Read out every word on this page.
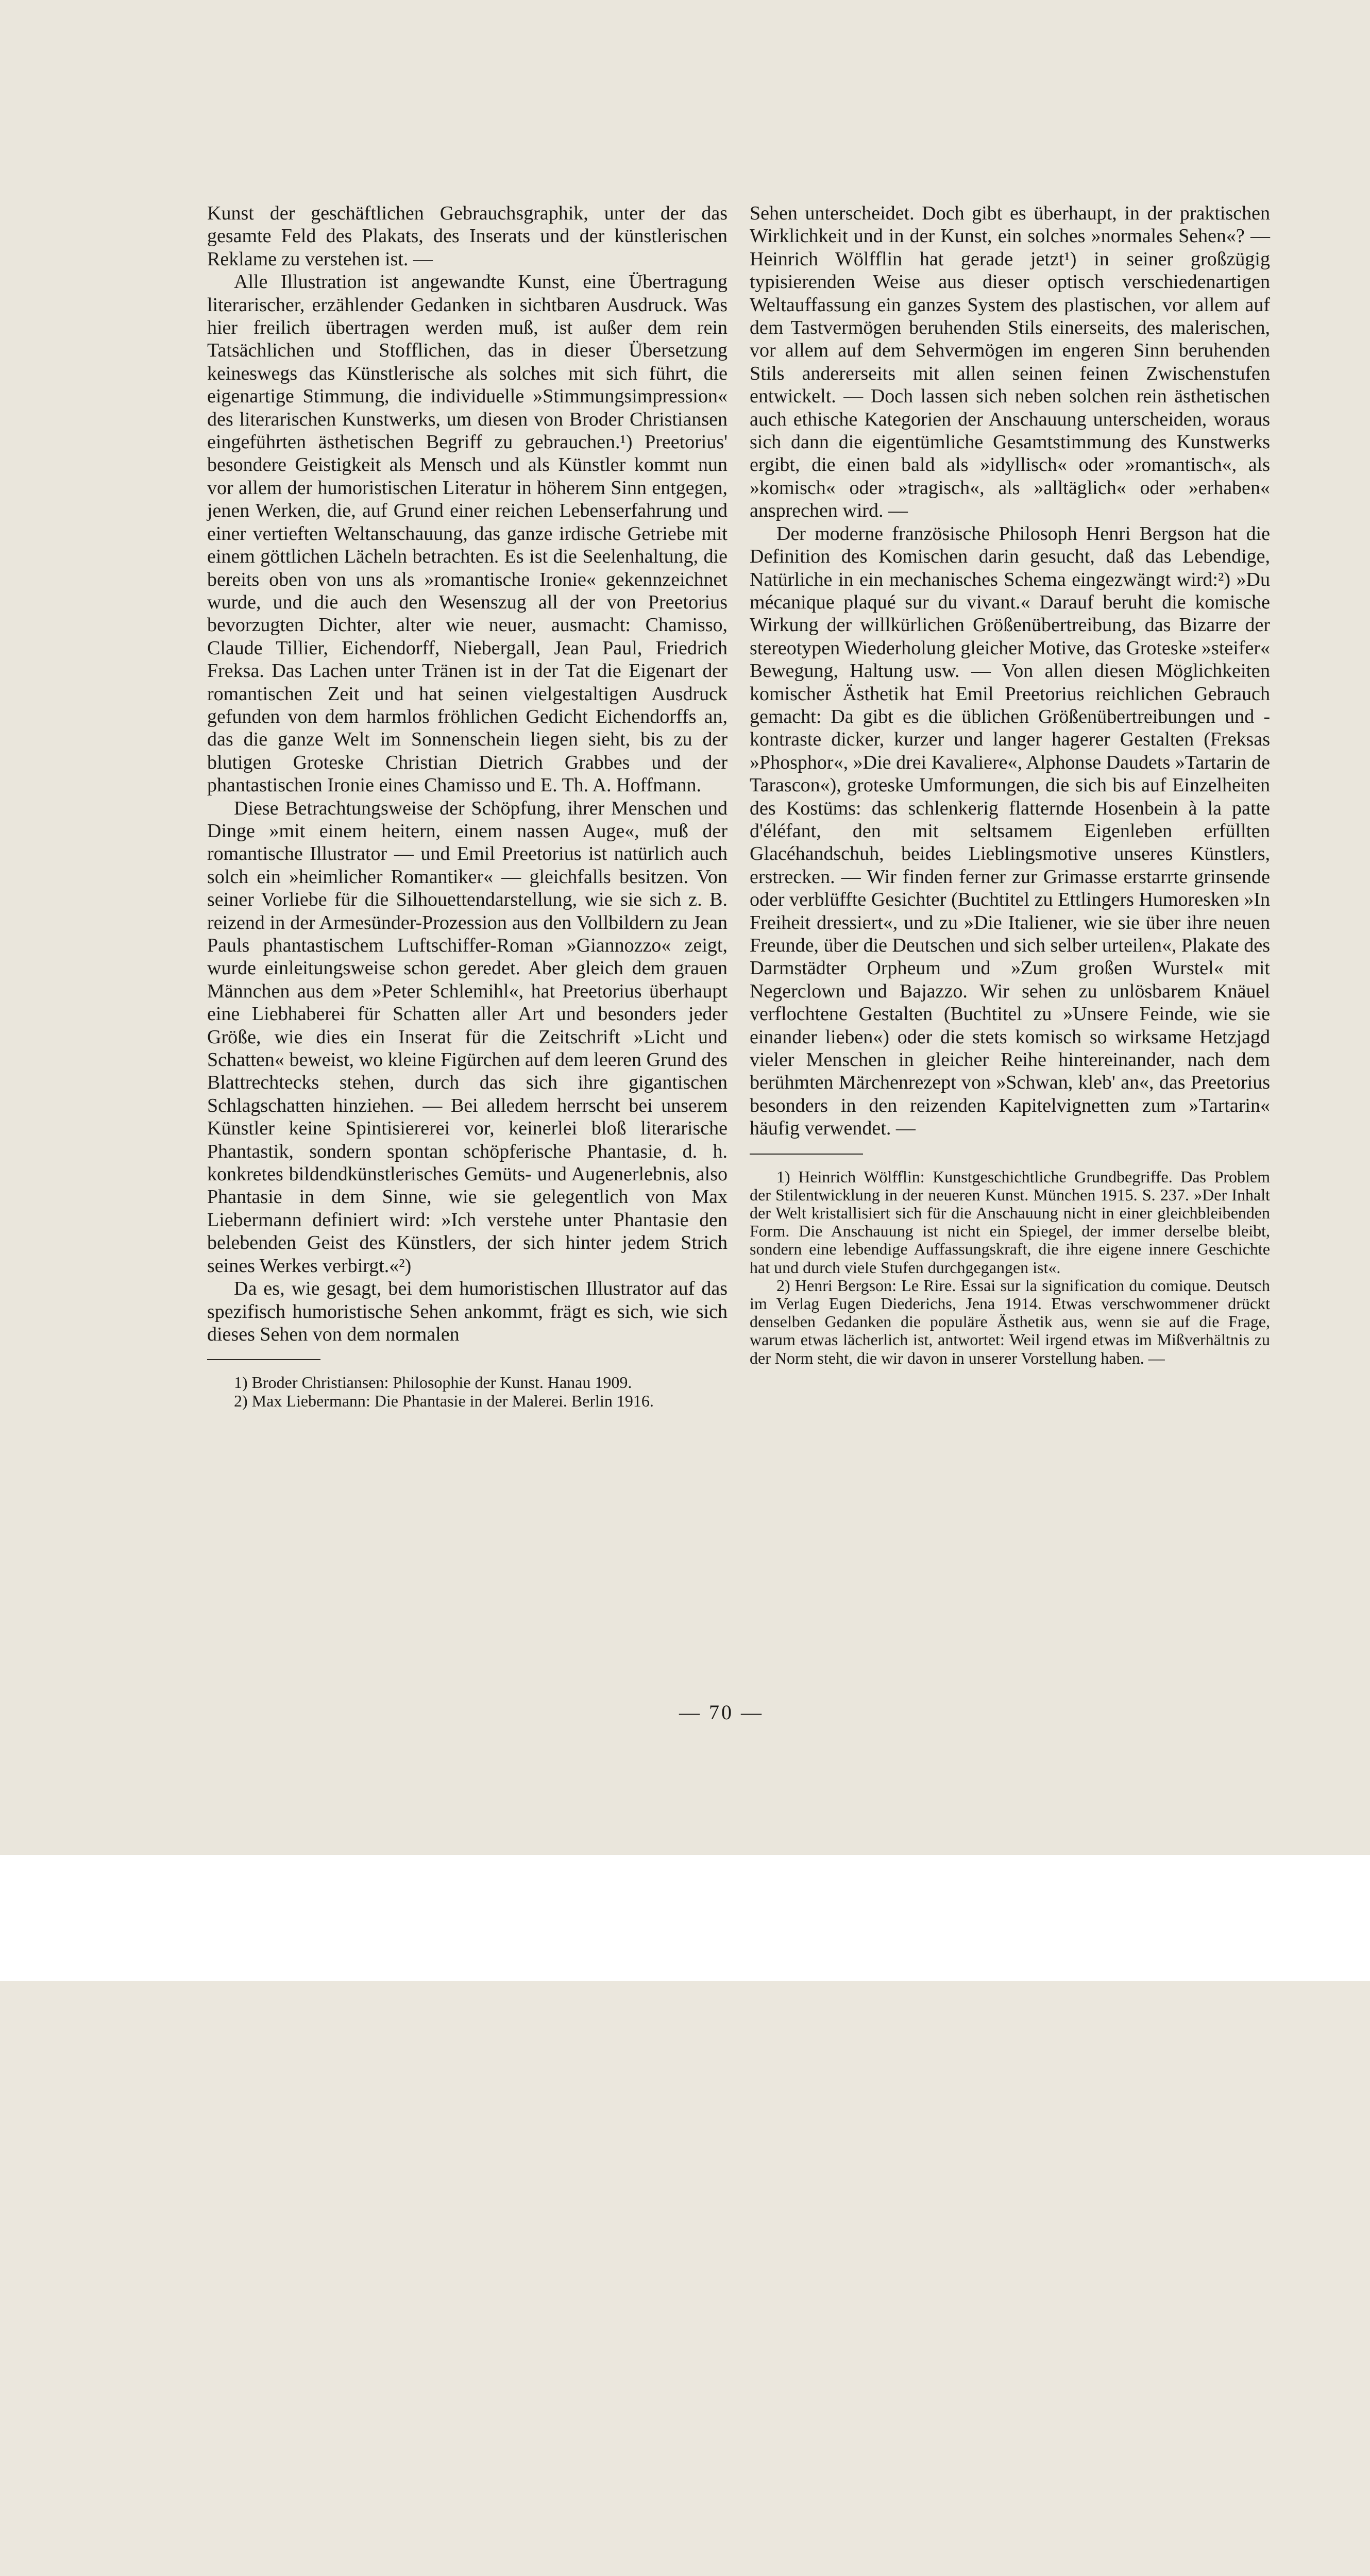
Kunst der geschäftlichen Gebrauchsgraphik, unter der das gesamte Feld des Plakats, des Inserats und der künstlerischen Reklame zu verstehen ist. —

Alle Illustration ist angewandte Kunst, eine Übertragung literarischer, erzählender Gedanken in sichtbaren Ausdruck. Was hier freilich übertragen werden muß, ist außer dem rein Tatsächlichen und Stofflichen, das in dieser Übersetzung keineswegs das Künstlerische als solches mit sich führt, die eigenartige Stimmung, die individuelle »Stimmungsimpression« des literarischen Kunstwerks, um diesen von Broder Christiansen eingeführten ästhetischen Begriff zu gebrauchen.¹) Preetorius' besondere Geistigkeit als Mensch und als Künstler kommt nun vor allem der humoristischen Literatur in höherem Sinn entgegen, jenen Werken, die, auf Grund einer reichen Lebenserfahrung und einer vertieften Weltanschauung, das ganze irdische Getriebe mit einem göttlichen Lächeln betrachten. Es ist die Seelenhaltung, die bereits oben von uns als »romantische Ironie« gekennzeichnet wurde, und die auch den Wesenszug all der von Preetorius bevorzugten Dichter, alter wie neuer, ausmacht: Chamisso, Claude Tillier, Eichendorff, Niebergall, Jean Paul, Friedrich Freksa. Das Lachen unter Tränen ist in der Tat die Eigenart der romantischen Zeit und hat seinen vielgestaltigen Ausdruck gefunden von dem harmlos fröhlichen Gedicht Eichendorffs an, das die ganze Welt im Sonnenschein liegen sieht, bis zu der blutigen Groteske Christian Dietrich Grabbes und der phantastischen Ironie eines Chamisso und E. Th. A. Hoffmann.

Diese Betrachtungsweise der Schöpfung, ihrer Menschen und Dinge »mit einem heitern, einem nassen Auge«, muß der romantische Illustrator — und Emil Preetorius ist natürlich auch solch ein »heimlicher Romantiker« — gleichfalls besitzen. Von seiner Vorliebe für die Silhouettendarstellung, wie sie sich z. B. reizend in der Armesünder-Prozession aus den Vollbildern zu Jean Pauls phantastischem Luftschiffer-Roman »Giannozzo« zeigt, wurde einleitungsweise schon geredet. Aber gleich dem grauen Männchen aus dem »Peter Schlemihl«, hat Preetorius überhaupt eine Liebhaberei für Schatten aller Art und besonders jeder Größe, wie dies ein Inserat für die Zeitschrift »Licht und Schatten« beweist, wo kleine Figürchen auf dem leeren Grund des Blattrechtecks stehen, durch das sich ihre gigantischen Schlagschatten hinziehen. — Bei alledem herrscht bei unserem Künstler keine Spintisiererei vor, keinerlei bloß literarische Phantastik, sondern spontan schöpferische Phantasie, d. h. konkretes bildendkünstlerisches Gemüts- und Augenerlebnis, also Phantasie in dem Sinne, wie sie gelegentlich von Max Liebermann definiert wird: »Ich verstehe unter Phantasie den belebenden Geist des Künstlers, der sich hinter jedem Strich seines Werkes verbirgt.«²)

Da es, wie gesagt, bei dem humoristischen Illustrator auf das spezifisch humoristische Sehen ankommt, frägt es sich, wie sich dieses Sehen von dem normalen

1) Broder Christiansen: Philosophie der Kunst. Hanau 1909.

2) Max Liebermann: Die Phantasie in der Malerei. Berlin 1916.

Sehen unterscheidet. Doch gibt es überhaupt, in der praktischen Wirklichkeit und in der Kunst, ein solches »normales Sehen«? — Heinrich Wölfflin hat gerade jetzt¹) in seiner großzügig typisierenden Weise aus dieser optisch verschiedenartigen Weltauffassung ein ganzes System des plastischen, vor allem auf dem Tastvermögen beruhenden Stils einerseits, des malerischen, vor allem auf dem Sehvermögen im engeren Sinn beruhenden Stils andererseits mit allen seinen feinen Zwischenstufen entwickelt. — Doch lassen sich neben solchen rein ästhetischen auch ethische Kategorien der Anschauung unterscheiden, woraus sich dann die eigentümliche Gesamtstimmung des Kunstwerks ergibt, die einen bald als »idyllisch« oder »romantisch«, als »komisch« oder »tragisch«, als »alltäglich« oder »erhaben« ansprechen wird. —

Der moderne französische Philosoph Henri Bergson hat die Definition des Komischen darin gesucht, daß das Lebendige, Natürliche in ein mechanisches Schema eingezwängt wird:²) »Du mécanique plaqué sur du vivant.« Darauf beruht die komische Wirkung der willkürlichen Größenübertreibung, das Bizarre der stereotypen Wiederholung gleicher Motive, das Groteske »steifer« Bewegung, Haltung usw. — Von allen diesen Möglichkeiten komischer Ästhetik hat Emil Preetorius reichlichen Gebrauch gemacht: Da gibt es die üblichen Größenübertreibungen und -kontraste dicker, kurzer und langer hagerer Gestalten (Freksas »Phosphor«, »Die drei Kavaliere«, Alphonse Daudets »Tartarin de Tarascon«), groteske Umformungen, die sich bis auf Einzelheiten des Kostüms: das schlenkerig flatternde Hosenbein à la patte d'éléfant, den mit seltsamem Eigenleben erfüllten Glacéhandschuh, beides Lieblingsmotive unseres Künstlers, erstrecken. — Wir finden ferner zur Grimasse erstarrte grinsende oder verblüffte Gesichter (Buchtitel zu Ettlingers Humoresken »In Freiheit dressiert«, und zu »Die Italiener, wie sie über ihre neuen Freunde, über die Deutschen und sich selber urteilen«, Plakate des Darmstädter Orpheum und »Zum großen Wurstel« mit Negerclown und Bajazzo. Wir sehen zu unlösbarem Knäuel verflochtene Gestalten (Buchtitel zu »Unsere Feinde, wie sie einander lieben«) oder die stets komisch so wirksame Hetzjagd vieler Menschen in gleicher Reihe hintereinander, nach dem berühmten Märchenrezept von »Schwan, kleb' an«, das Preetorius besonders in den reizenden Kapitelvignetten zum »Tartarin« häufig verwendet. —

1) Heinrich Wölfflin: Kunstgeschichtliche Grundbegriffe. Das Problem der Stilentwicklung in der neueren Kunst. München 1915. S. 237. »Der Inhalt der Welt kristallisiert sich für die Anschauung nicht in einer gleichbleibenden Form. Die Anschauung ist nicht ein Spiegel, der immer derselbe bleibt, sondern eine lebendige Auffassungskraft, die ihre eigene innere Geschichte hat und durch viele Stufen durchgegangen ist«.

2) Henri Bergson: Le Rire. Essai sur la signification du comique. Deutsch im Verlag Eugen Diederichs, Jena 1914. Etwas verschwommener drückt denselben Gedanken die populäre Ästhetik aus, wenn sie auf die Frage, warum etwas lächerlich ist, antwortet: Weil irgend etwas im Mißverhältnis zu der Norm steht, die wir davon in unserer Vorstellung haben. —

— 70 —
